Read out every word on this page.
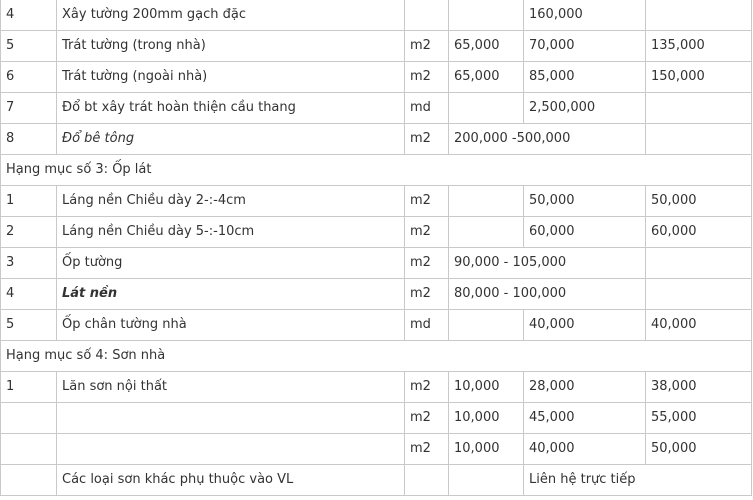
4	Xây tường 200mm gạch đặc			160,000	
5	Trát tường (trong nhà)	m2	65,000	70,000	135,000
6	Trát tường (ngoài nhà)	m2	65,000	85,000	150,000
7	Đổ bt xây trát hoàn thiện cầu thang	md		2,500,000	
8	Đổ bê tông	m2	200,000 -500,000		
Hạng mục số 3: Ốp lát					
1	Láng nền Chiều dày 2-:-4cm	m2		50,000	50,000
2	Láng nền Chiều dày 5-:-10cm	m2		60,000	60,000
3	Ốp tường	m2	90,000 - 105,000		
4	Lát nền	m2	80,000 - 100,000		
5	Ốp chân tường nhà	md		40,000	40,000
Hạng mục số 4: Sơn nhà					
1	Lăn sơn nội thất	m2	10,000	28,000	38,000
		m2	10,000	45,000	55,000
		m2	10,000	40,000	50,000
	Các loại sơn khác phụ thuộc vào VL			Liên hệ trực tiếp	
